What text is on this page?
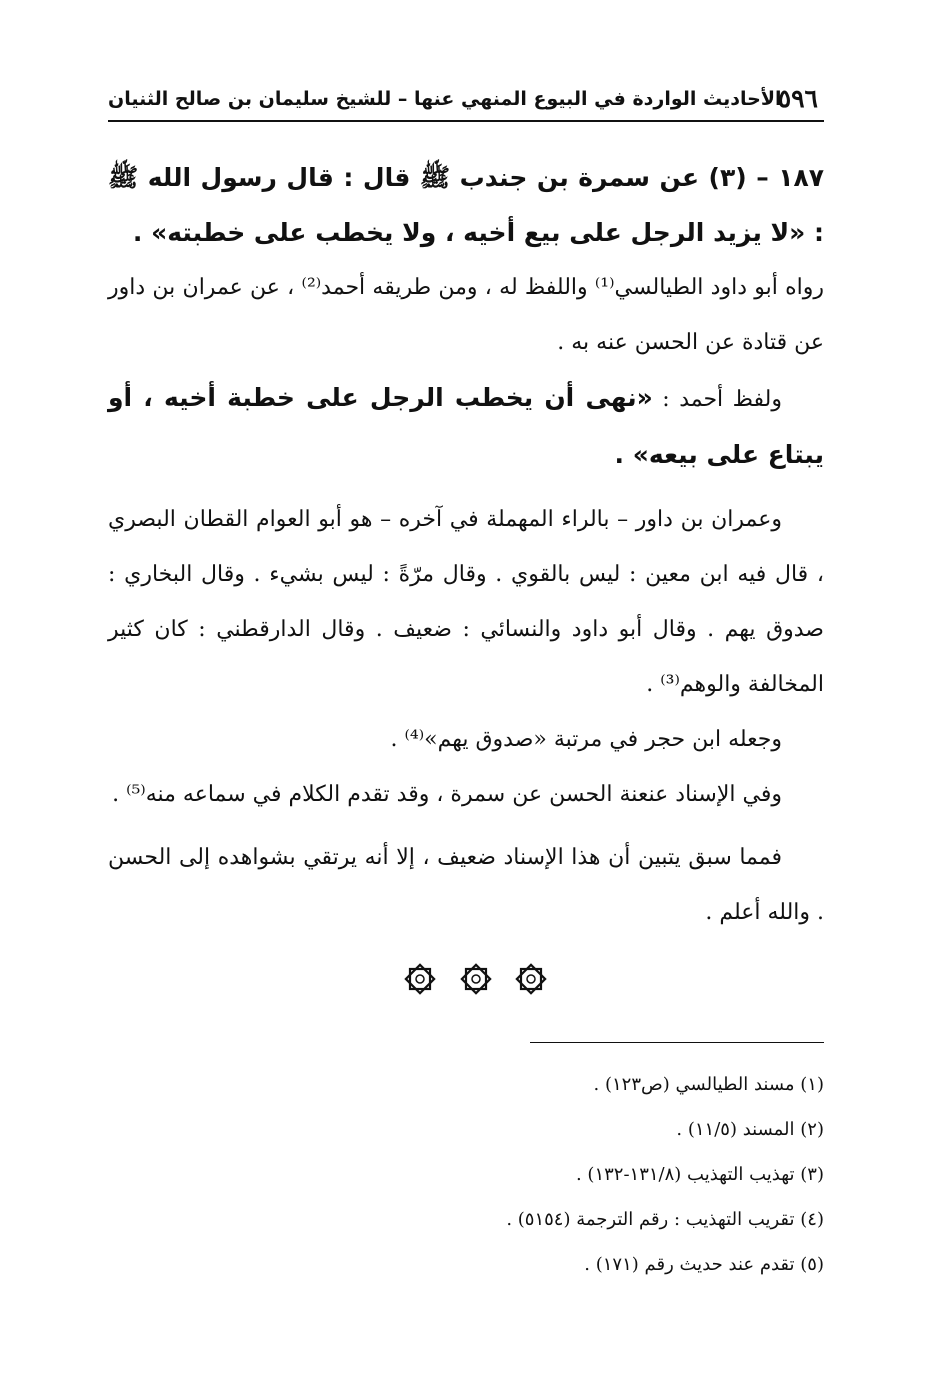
٥٩٦
الأحاديث الواردة في البيوع المنهي عنها – للشيخ سليمان بن صالح الثنيان

١٨٧ – (٣) عن سمرة بن جندب ﷺ قال : قال رسول الله ﷺ : «لا يزيد الرجل على بيع أخيه ، ولا يخطب على خطبته» .

رواه أبو داود الطيالسي⁽¹⁾ واللفظ له ، ومن طريقه أحمد⁽²⁾ ، عن عمران بن داور عن قتادة عن الحسن عنه به .

ولفظ أحمد : «نهى أن يخطب الرجل على خطبة أخيه ، أو يبتاع على بيعه» .

وعمران بن داور – بالراء المهملة في آخره – هو أبو العوام القطان البصري ، قال فيه ابن معين : ليس بالقوي . وقال مرّةً : ليس بشيء . وقال البخاري : صدوق يهم . وقال أبو داود والنسائي : ضعيف . وقال الدارقطني : كان كثير المخالفة والوهم⁽³⁾ .

وجعله ابن حجر في مرتبة «صدوق يهم»⁽⁴⁾ .

وفي الإسناد عنعنة الحسن عن سمرة ، وقد تقدم الكلام في سماعه منه⁽⁵⁾ .

فمما سبق يتبين أن هذا الإسناد ضعيف ، إلا أنه يرتقي بشواهده إلى الحسن . والله أعلم .

(١) مسند الطيالسي (ص١٢٣) .
(٢) المسند (١١/٥) .
(٣) تهذيب التهذيب (١٣١/٨-١٣٢) .
(٤) تقريب التهذيب : رقم الترجمة (٥١٥٤) .
(٥) تقدم عند حديث رقم (١٧١) .
